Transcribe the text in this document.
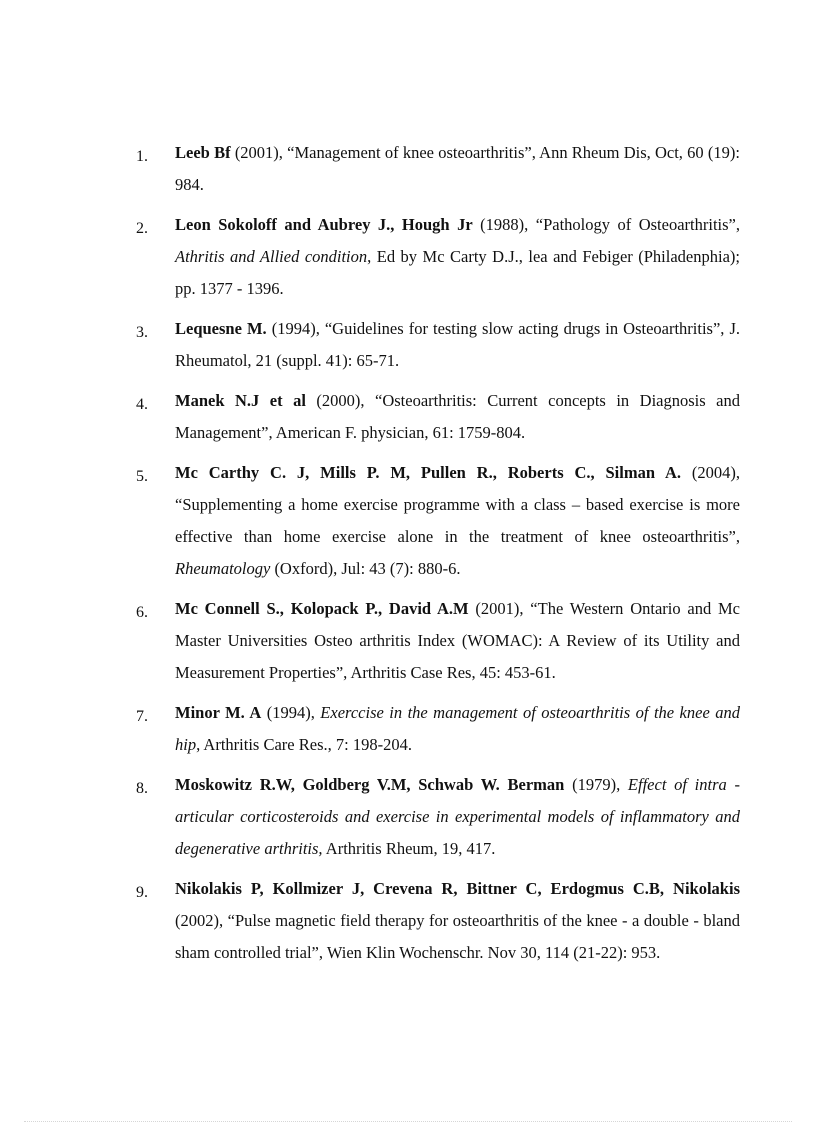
1. Leeb Bf (2001), “Management of knee osteoarthritis”, Ann Rheum Dis, Oct, 60 (19): 984.
2. Leon Sokoloff and Aubrey J., Hough Jr (1988), “Pathology of Osteoarthritis”, Athritis and Allied condition, Ed by Mc Carty D.J., lea and Febiger (Philadenphia); pp. 1377 - 1396.
3. Lequesne M. (1994), “Guidelines for testing slow acting drugs in Osteoarthritis”, J. Rheumatol, 21 (suppl. 41): 65-71.
4. Manek N.J et al (2000), “Osteoarthritis: Current concepts in Diagnosis and Management”, American F. physician, 61: 1759-804.
5. Mc Carthy C. J, Mills P. M, Pullen R., Roberts C., Silman A. (2004), “Supplementing a home exercise programme with a class – based exercise is more effective than home exercise alone in the treatment of knee osteoarthritis”, Rheumatology (Oxford), Jul: 43 (7): 880-6.
6. Mc Connell S., Kolopack P., David A.M (2001), “The Western Ontario and Mc Master Universities Osteo arthritis Index (WOMAC): A Review of its Utility and Measurement Properties”, Arthritis Case Res, 45: 453-61.
7. Minor M. A (1994), Exerccise in the management of osteoarthritis of the knee and hip, Arthritis Care Res., 7: 198-204.
8. Moskowitz R.W, Goldberg V.M, Schwab W. Berman (1979), Effect of intra - articular corticosteroids and exercise in experimental models of inflammatory and degenerative arthritis, Arthritis Rheum, 19, 417.
9. Nikolakis P, Kollmizer J, Crevena R, Bittner C, Erdogmus C.B, Nikolakis (2002), “Pulse magnetic field therapy for osteoarthritis of the knee - a double - bland sham controlled trial”, Wien Klin Wochenschr. Nov 30, 114 (21-22): 953.
